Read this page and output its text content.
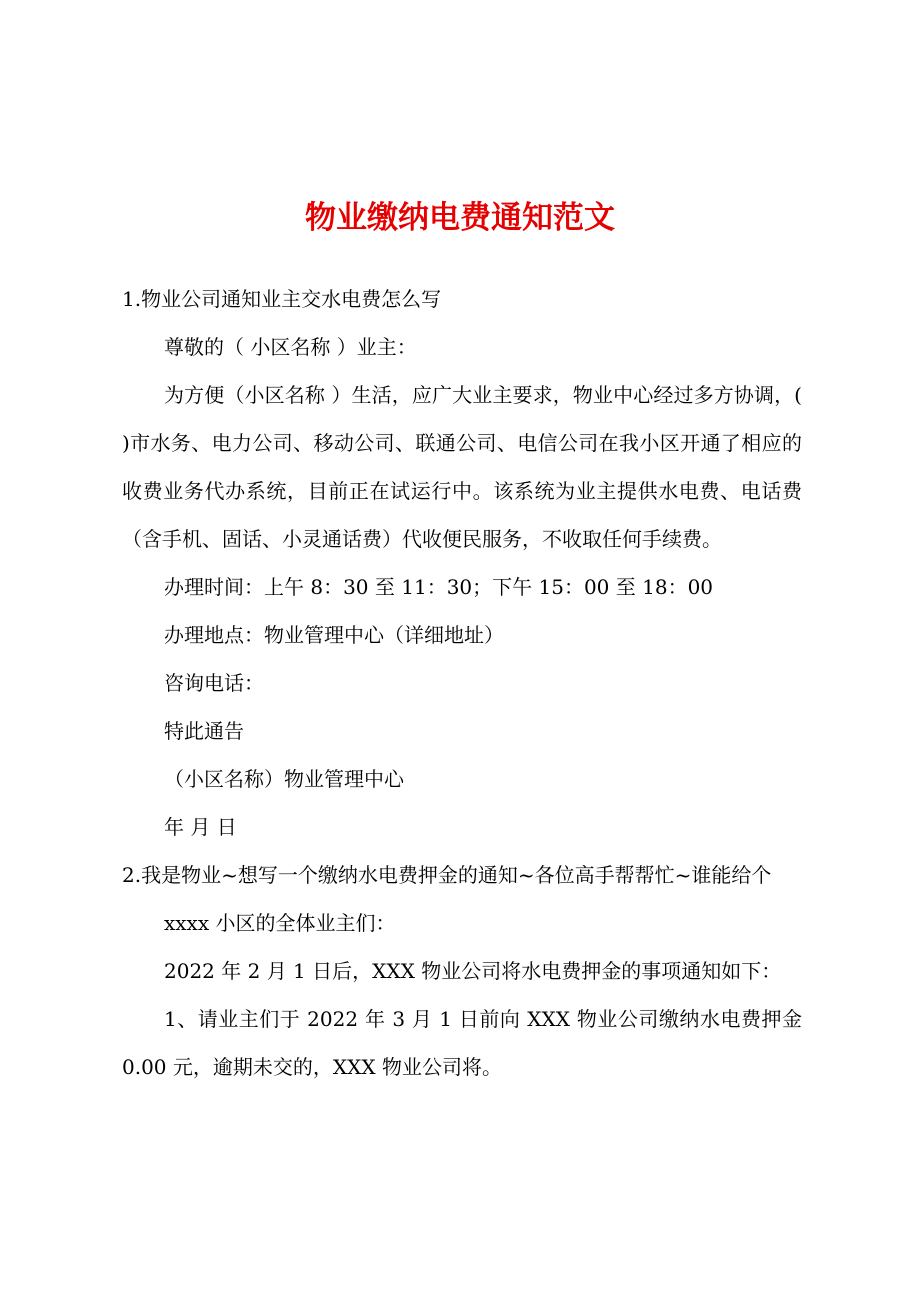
物业缴纳电费通知范文

1.物业公司通知业主交水电费怎么写

尊敬的（ 小区名称 ）业主：

为方便（小区名称 ）生活，应广大业主要求，物业中心经过多方协调，( )市水务、电力公司、移动公司、联通公司、电信公司在我小区开通了相应的收费业务代办系统，目前正在试运行中。该系统为业主提供水电费、电话费（含手机、固话、小灵通话费）代收便民服务，不收取任何手续费。

办理时间：上午 8：30 至 11：30；下午 15：00 至 18：00

办理地点：物业管理中心（详细地址）

咨询电话：

特此通告

（小区名称）物业管理中心

年 月 日

2.我是物业~想写一个缴纳水电费押金的通知~各位高手帮帮忙~谁能给个

xxxx 小区的全体业主们：

2022 年 2 月 1 日后，XXX 物业公司将水电费押金的事项通知如下：

1、请业主们于 2022 年 3 月 1 日前向 XXX 物业公司缴纳水电费押金 0.00 元，逾期未交的，XXX 物业公司将。
